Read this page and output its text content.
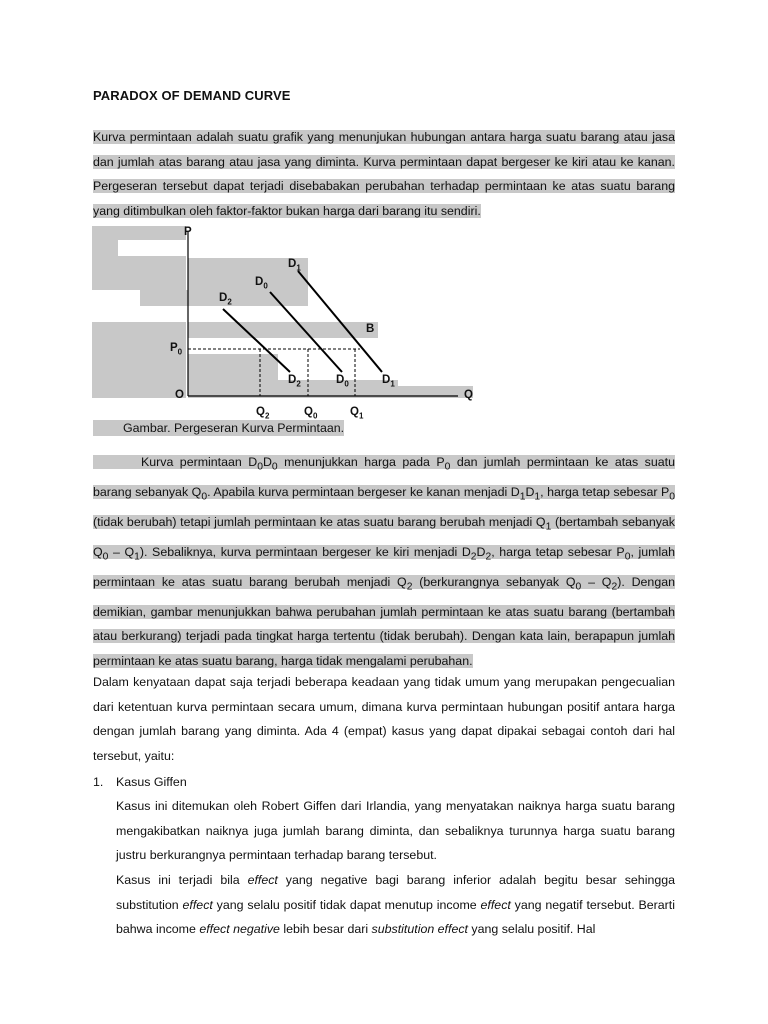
PARADOX OF DEMAND CURVE
Kurva permintaan adalah suatu grafik yang menunjukan hubungan antara harga suatu barang atau jasa dan jumlah atas barang atau jasa yang diminta. Kurva permintaan dapat bergeser ke kiri atau ke kanan. Pergeseran tersebut dapat terjadi disebabakan perubahan terhadap permintaan ke atas suatu barang yang ditimbulkan oleh faktor-faktor bukan harga dari barang itu sendiri.
P
Q
O
B
$P_0$
$D_1$
$D_0$
$D_2$
$D_2$	$D_0$	$D_1$
$Q_2$	$Q_0$	$Q_1$
Gambar. Pergeseran Kurva Permintaan.
Kurva permintaan $D_0D_0$ menunjukkan harga pada $P_0$ dan jumlah permintaan ke atas suatu barang sebanyak $Q_0$. Apabila kurva permintaan bergeser ke kanan menjadi $D_1D_1$, harga tetap sebesar $P_0$ (tidak berubah) tetapi jumlah permintaan ke atas suatu barang berubah menjadi $Q_1$ (bertambah sebanyak $Q_0 - Q_1$). Sebaliknya, kurva permintaan bergeser ke kiri menjadi $D_2D_2$, harga tetap sebesar $P_0$, jumlah permintaan ke atas suatu barang berubah menjadi $Q_2$ (berkurangnya sebanyak $Q_0 - Q_2$). Dengan demikian, gambar menunjukkan bahwa perubahan jumlah permintaan ke atas suatu barang (bertambah atau berkurang) terjadi pada tingkat harga tertentu (tidak berubah). Dengan kata lain, berapapun jumlah permintaan ke atas suatu barang, harga tidak mengalami perubahan.
Dalam kenyataan dapat saja terjadi beberapa keadaan yang tidak umum yang merupakan pengecualian dari ketentuan kurva permintaan secara umum, dimana kurva permintaan hubungan positif antara harga dengan jumlah barang yang diminta. Ada 4 (empat) kasus yang dapat dipakai sebagai contoh dari hal tersebut, yaitu:
1.	Kasus Giffen
Kasus ini ditemukan oleh Robert Giffen dari Irlandia, yang menyatakan naiknya harga suatu barang mengakibatkan naiknya juga jumlah barang diminta, dan sebaliknya turunnya harga suatu barang justru berkurangnya permintaan terhadap barang tersebut.
Kasus ini terjadi bila effect yang negative bagi barang inferior adalah begitu besar sehingga substitution effect yang selalu positif tidak dapat menutup income effect yang negatif tersebut. Berarti bahwa income effect negative lebih besar dari substitution effect yang selalu positif. Hal
